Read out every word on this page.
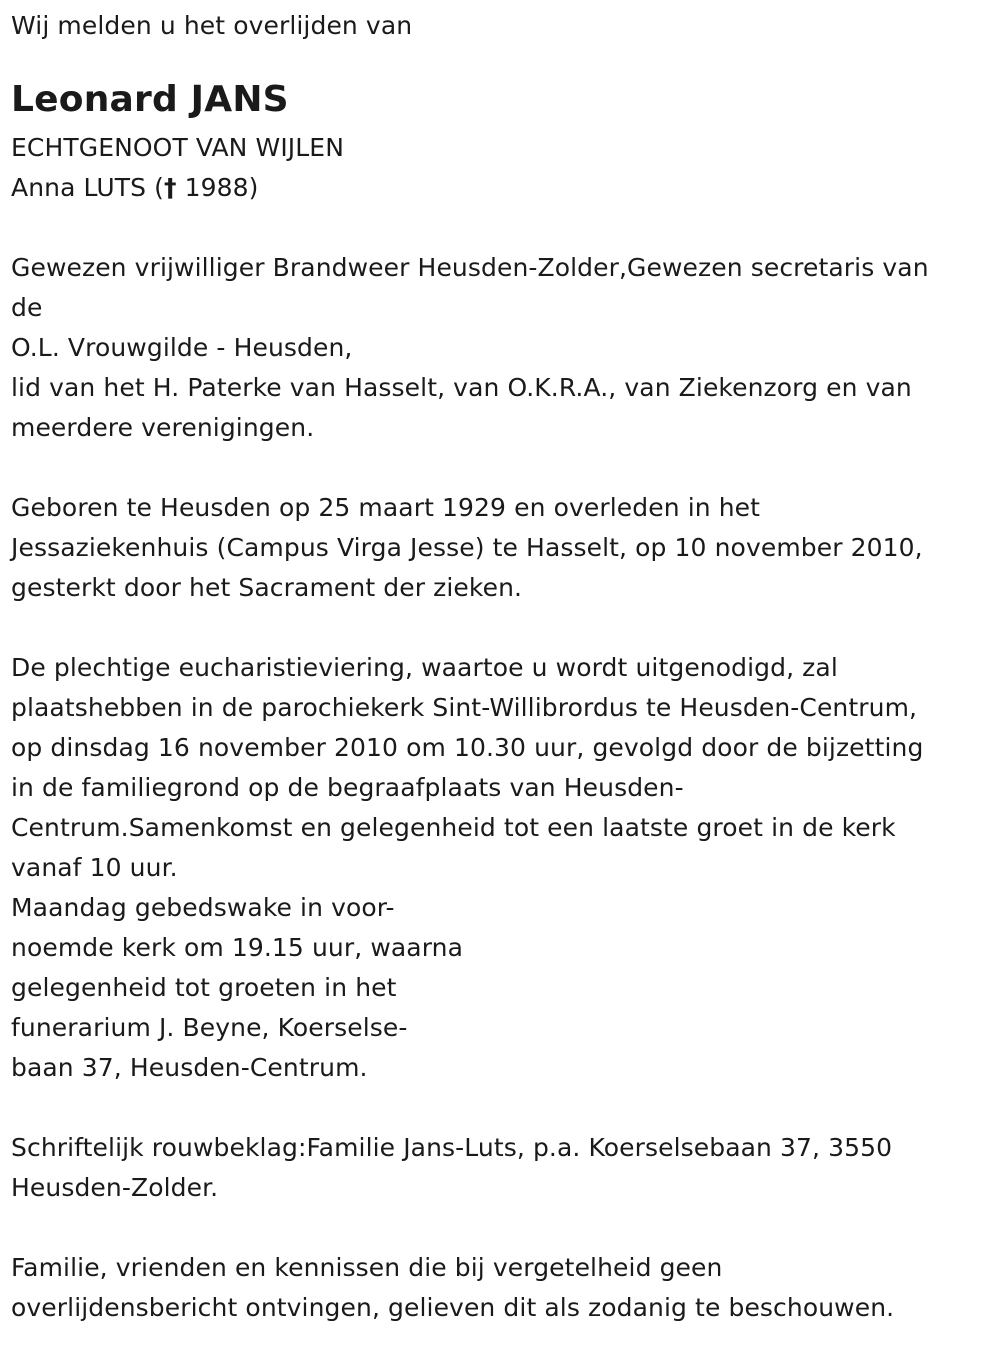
Wij melden u het overlijden van
Leonard JANS
ECHTGENOOT VAN WIJLEN
Anna LUTS († 1988)
Gewezen vrijwilliger Brandweer Heusden-Zolder,Gewezen secretaris van
de
O.L. Vrouwgilde - Heusden,
lid van het H. Paterke van Hasselt, van O.K.R.A., van Ziekenzorg en van
meerdere verenigingen.
Geboren te Heusden op 25 maart 1929 en overleden in het
Jessaziekenhuis (Campus Virga Jesse) te Hasselt, op 10 november 2010,
gesterkt door het Sacrament der zieken.
De plechtige eucharistieviering, waartoe u wordt uitgenodigd, zal
plaatshebben in de parochiekerk Sint-Willibrordus te Heusden-Centrum,
op dinsdag 16 november 2010 om 10.30 uur, gevolgd door de bijzetting
in de familiegrond op de begraafplaats van Heusden-
Centrum.Samenkomst en gelegenheid tot een laatste groet in de kerk
vanaf 10 uur.
Maandag gebedswake in voor-
noemde kerk om 19.15 uur, waarna
gelegenheid tot groeten in het
funerarium J. Beyne, Koerselse-
baan 37, Heusden-Centrum.
Schriftelijk rouwbeklag:Familie Jans-Luts, p.a. Koerselsebaan 37, 3550
Heusden-Zolder.
Familie, vrienden en kennissen die bij vergetelheid geen
overlijdensbericht ontvingen, gelieven dit als zodanig te beschouwen.
